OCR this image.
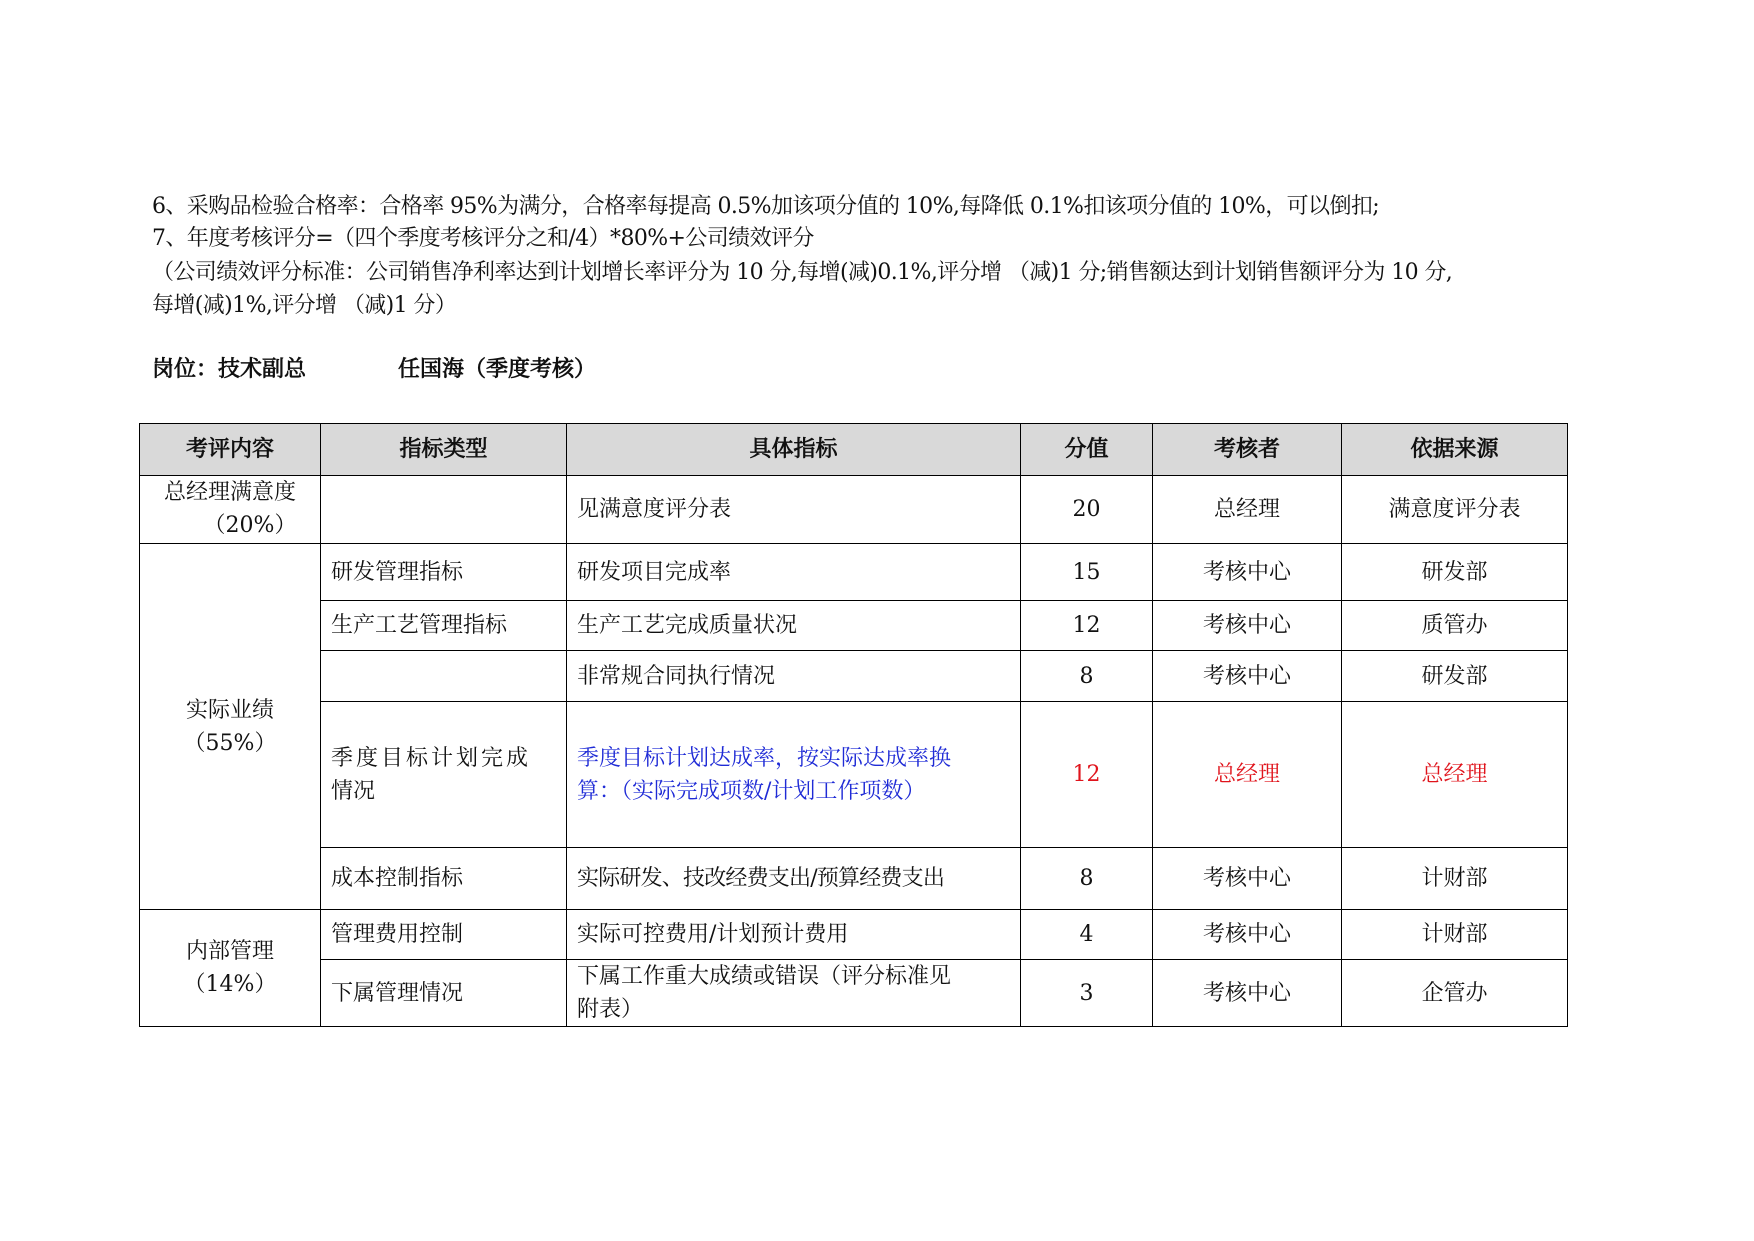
6、采购品检验合格率：合格率 95%为满分，合格率每提高 0.5%加该项分值的 10%,每降低 0.1%扣该项分值的 10%，可以倒扣;
7、年度考核评分=（四个季度考核评分之和/4）*80%+公司绩效评分
（公司绩效评分标准：公司销售净利率达到计划增长率评分为 10 分,每增(减)0.1%,评分增 （减)1 分;销售额达到计划销售额评分为 10 分,
每增(减)1%,评分增 （减)1 分）
岗位：技术副总	任国海（季度考核）
考评内容	指标类型	具体指标	分值	考核者	依据来源

总经理满意度
（20%）		见满意度评分表	20	总经理	满意度评分表

实际业绩
（55%）	研发管理指标	研发项目完成率	15	考核中心	研发部
	生产工艺管理指标	生产工艺完成质量状况	12	考核中心	质管办
		非常规合同执行情况	8	考核中心	研发部

	季度目标计划完成
情况	季度目标计划达成率，按实际达成率换
算：（实际完成项数/计划工作项数）	12	总经理	总经理
	成本控制指标	实际研发、技改经费支出/预算经费支出	8	考核中心	计财部

内部管理
（14%）	管理费用控制	实际可控费用/计划预计费用	4	考核中心	计财部
	下属管理情况	下属工作重大成绩或错误（评分标准见
附表）	3	考核中心	企管办
